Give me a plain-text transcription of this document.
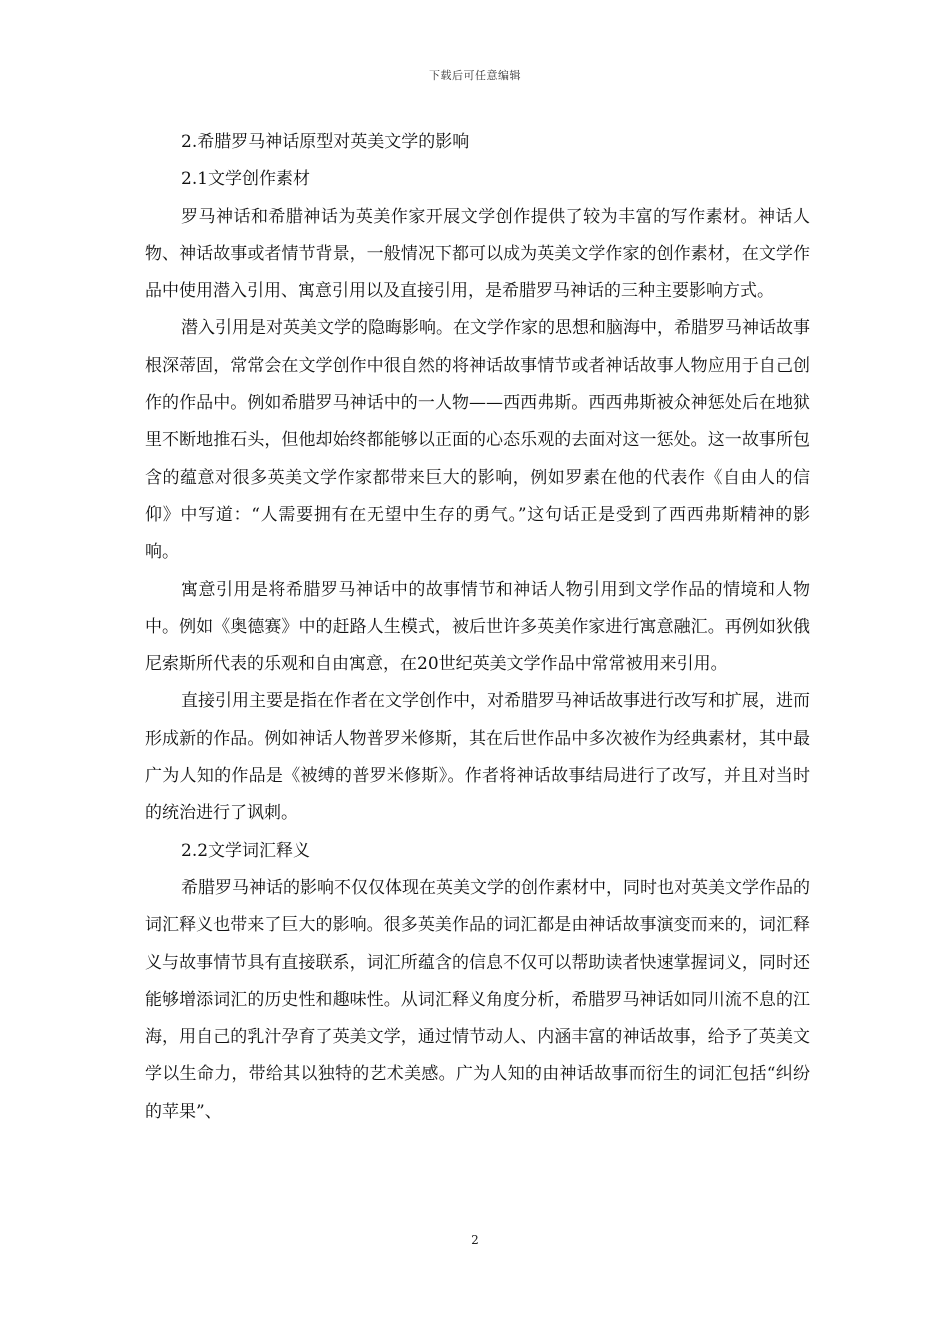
下载后可任意编辑

2.希腊罗马神话原型对英美文学的影响

2.1文学创作素材

罗马神话和希腊神话为英美作家开展文学创作提供了较为丰富的写作素材。神话人物、神话故事或者情节背景，一般情况下都可以成为英美文学作家的创作素材，在文学作品中使用潜入引用、寓意引用以及直接引用，是希腊罗马神话的三种主要影响方式。

潜入引用是对英美文学的隐晦影响。在文学作家的思想和脑海中，希腊罗马神话故事根深蒂固，常常会在文学创作中很自然的将神话故事情节或者神话故事人物应用于自己创作的作品中。例如希腊罗马神话中的一人物——西西弗斯。西西弗斯被众神惩处后在地狱里不断地推石头，但他却始终都能够以正面的心态乐观的去面对这一惩处。这一故事所包含的蕴意对很多英美文学作家都带来巨大的影响，例如罗素在他的代表作《自由人的信仰》中写道：“人需要拥有在无望中生存的勇气。”这句话正是受到了西西弗斯精神的影响。

寓意引用是将希腊罗马神话中的故事情节和神话人物引用到文学作品的情境和人物中。例如《奥德赛》中的赶路人生模式，被后世许多英美作家进行寓意融汇。再例如狄俄尼索斯所代表的乐观和自由寓意，在20世纪英美文学作品中常常被用来引用。

直接引用主要是指在作者在文学创作中，对希腊罗马神话故事进行改写和扩展，进而形成新的作品。例如神话人物普罗米修斯，其在后世作品中多次被作为经典素材，其中最广为人知的作品是《被缚的普罗米修斯》。作者将神话故事结局进行了改写，并且对当时的统治进行了讽刺。

2.2文学词汇释义

希腊罗马神话的影响不仅仅体现在英美文学的创作素材中，同时也对英美文学作品的词汇释义也带来了巨大的影响。很多英美作品的词汇都是由神话故事演变而来的，词汇释义与故事情节具有直接联系，词汇所蕴含的信息不仅可以帮助读者快速掌握词义，同时还能够增添词汇的历史性和趣味性。从词汇释义角度分析，希腊罗马神话如同川流不息的江海，用自己的乳汁孕育了英美文学，通过情节动人、内涵丰富的神话故事，给予了英美文学以生命力，带给其以独特的艺术美感。广为人知的由神话故事而衍生的词汇包括“纠纷的苹果”、

2
